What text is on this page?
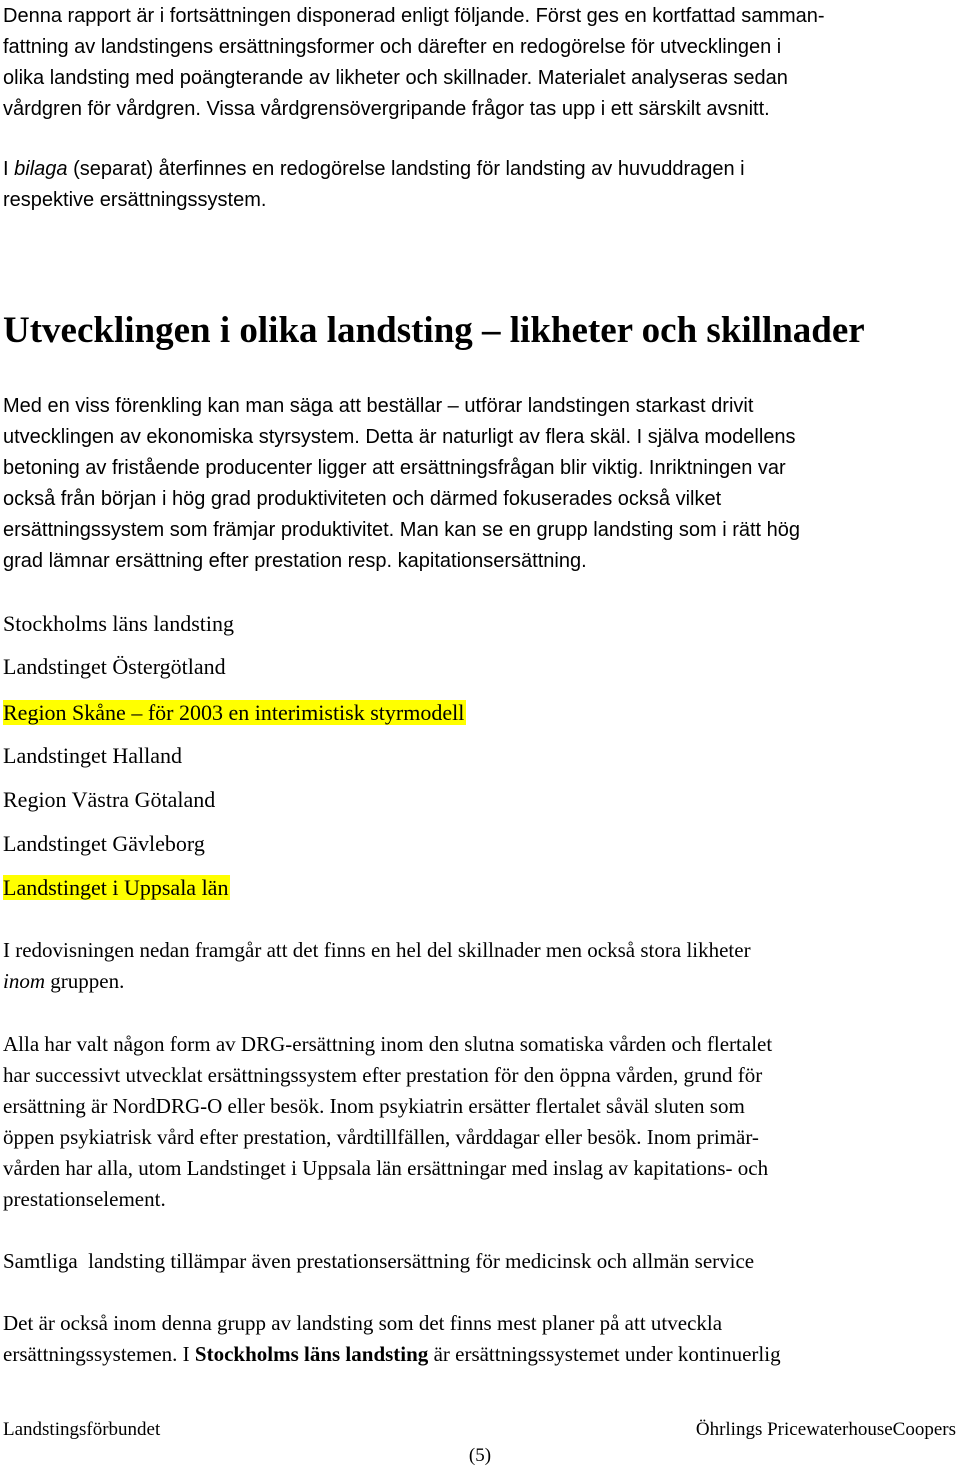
Denna rapport är i fortsättningen disponerad enligt följande. Först ges en kortfattad samman-

fattning av landstingens ersättningsformer och därefter en redogörelse för utvecklingen i

olika landsting med poängterande av likheter och skillnader. Materialet analyseras sedan

vårdgren för vårdgren. Vissa vårdgrensövergripande frågor tas upp i ett särskilt avsnitt.

I bilaga (separat) återfinnes en redogörelse landsting för landsting av huvuddragen i

respektive ersättningssystem.

Utvecklingen i olika landsting – likheter och skillnader

Med en viss förenkling kan man säga att beställar – utförar landstingen starkast drivit

utvecklingen av ekonomiska styrsystem. Detta är naturligt av flera skäl. I själva modellens

betoning av fristående producenter ligger att ersättningsfrågan blir viktig. Inriktningen var

också från början i hög grad produktiviteten och därmed fokuserades också vilket

ersättningssystem som främjar produktivitet. Man kan se en grupp landsting som i rätt hög

grad lämnar ersättning efter prestation resp. kapitationsersättning.

Stockholms läns landsting
Landstinget Östergötland
Region Skåne – för 2003 en interimistisk styrmodell
Landstinget Halland
Region Västra Götaland
Landstinget Gävleborg
Landstinget i Uppsala län

I redovisningen nedan framgår att det finns en hel del skillnader men också stora likheter

inom gruppen.

Alla har valt någon form av DRG-ersättning inom den slutna somatiska vården och flertalet

har successivt utvecklat ersättningssystem efter prestation för den öppna vården, grund för

ersättning är NordDRG-O eller besök. Inom psykiatrin ersätter flertalet såväl sluten som

öppen psykiatrisk vård efter prestation, vårdtillfällen, vårddagar eller besök. Inom primär-

vården har alla, utom Landstinget i Uppsala län ersättningar med inslag av kapitations- och

prestationselement.

Samtliga  landsting tillämpar även prestationsersättning för medicinsk och allmän service

Det är också inom denna grupp av landsting som det finns mest planer på att utveckla

ersättningssystemen. I Stockholms läns landsting är ersättningssystemet under kontinuerlig

Landstingsförbundet	Öhrlings PricewaterhouseCoopers
(5)
